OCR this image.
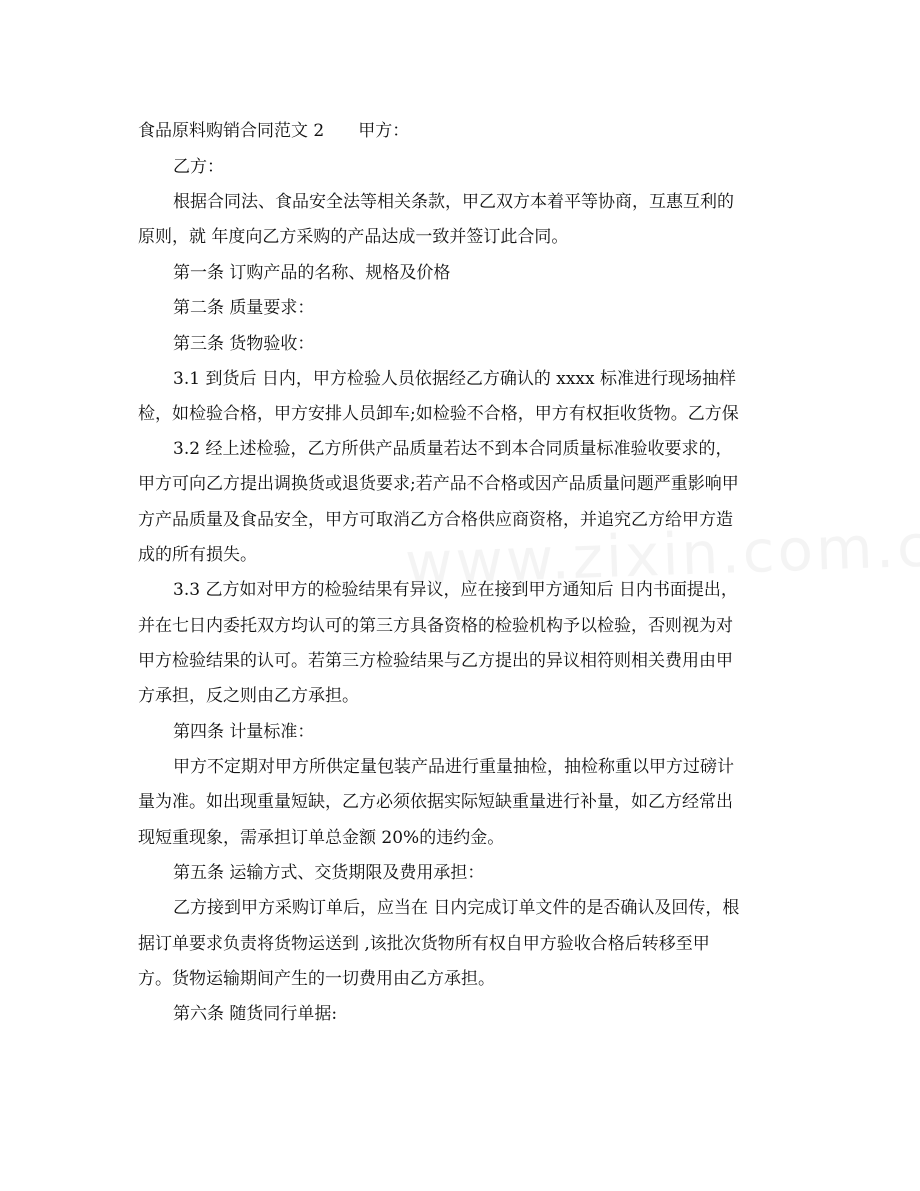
食品原料购销合同范文 2 甲方：
乙方：
根据合同法、食品安全法等相关条款，甲乙双方本着平等协商，互惠互利的
原则，就 年度向乙方采购的产品达成一致并签订此合同。
第一条 订购产品的名称、规格及价格
第二条 质量要求：
第三条 货物验收：
3.1 到货后 日内，甲方检验人员依据经乙方确认的 xxxx 标准进行现场抽样
检，如检验合格，甲方安排人员卸车;如检验不合格，甲方有权拒收货物。乙方保
3.2 经上述检验，乙方所供产品质量若达不到本合同质量标准验收要求的，
甲方可向乙方提出调换货或退货要求;若产品不合格或因产品质量问题严重影响甲
方产品质量及食品安全，甲方可取消乙方合格供应商资格，并追究乙方给甲方造
成的所有损失。
3.3 乙方如对甲方的检验结果有异议，应在接到甲方通知后 日内书面提出，
并在七日内委托双方均认可的第三方具备资格的检验机构予以检验，否则视为对
甲方检验结果的认可。若第三方检验结果与乙方提出的异议相符则相关费用由甲
方承担，反之则由乙方承担。
第四条 计量标准：
甲方不定期对甲方所供定量包装产品进行重量抽检，抽检称重以甲方过磅计
量为准。如出现重量短缺，乙方必须依据实际短缺重量进行补量，如乙方经常出
现短重现象，需承担订单总金额 20%的违约金。
第五条 运输方式、交货期限及费用承担：
乙方接到甲方采购订单后，应当在 日内完成订单文件的是否确认及回传，根
据订单要求负责将货物运送到 ,该批次货物所有权自甲方验收合格后转移至甲
方。货物运输期间产生的一切费用由乙方承担。
第六条 随货同行单据:
